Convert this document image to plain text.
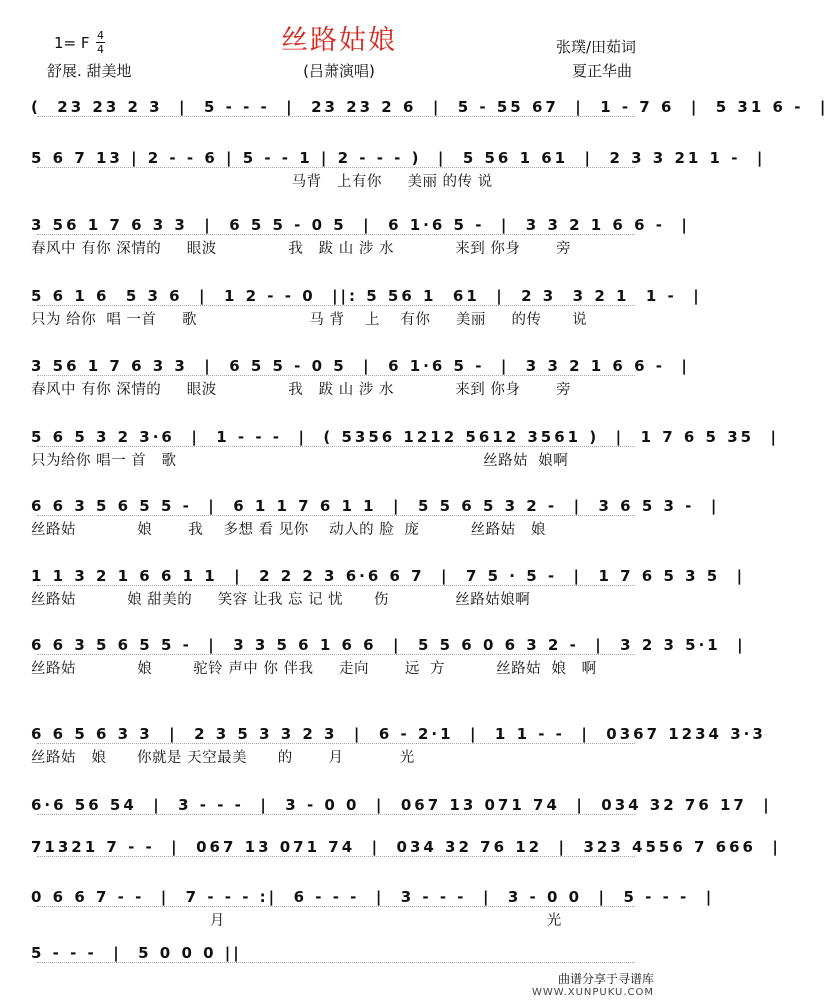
丝路姑娘
1= F 4
4
舒展. 甜美地	(吕萧演唱)
张璞/田茹词
夏正华曲
(  23 23 2 3  |  5 - - -  |  23 23 2 6  |  5 - 55 67  |  1 - 7 6  |  5 31 6 -  |
5 6 7 13 | 2 - - 6 | 5 - - 1 | 2 - - - )  |  5 56 1 61  |  2 3 3 21 1 -  |
马背   上有你     美丽 的传 说
3 56 1 7 6 3 3  |  6 5 5 - 0 5  |  6 1·6 5 -  |  3 3 2 1 6 6 -  |
春风中 有你 深情的     眼波              我   跋 山 涉 水            来到 你身       旁
5 6 1 6  5 3 6  |  1 2 - - 0  ||: 5 56 1  61  |  2 3  3 2 1  1 -  |
只为 给你  唱 一首     歌                      马 背    上    有你     美丽     的传      说
3 56 1 7 6 3 3  |  6 5 5 - 0 5  |  6 1·6 5 -  |  3 3 2 1 6 6 -  |
春风中 有你 深情的     眼波              我   跋 山 涉 水            来到 你身       旁
5 6 5 3 2 3·6  |  1 - - -  |  ( 5356 1212 5612 3561 )  |  1 7 6 5 35  |
只为给你 唱一 首   歌                                                            丝路姑  娘啊
6 6 3 5 6 5 5 -  |  6 1 1 7 6 1 1  |  5 5 6 5 3 2 -  |  3 6 5 3 -  |
丝路姑            娘       我    多想 看 见你    动人的 脸  庞          丝路姑   娘
1 1 3 2 1 6 6 1 1  |  2 2 2 3 6·6 6 7  |  7 5 · 5 -  |  1 7 6 5 3 5  |
丝路姑          娘 甜美的     笑容 让我 忘 记 忧      伤             丝路姑娘啊
6 6 3 5 6 5 5 -  |  3 3 5 6 1 6 6  |  5 5 6 0 6 3 2 -  |  3 2 3 5·1  |
丝路姑            娘        驼铃 声中 你 伴我     走向       远  方          丝路姑  娘   啊
6 6 5 6 3 3  |  2 3 5 3 3 2 3  |  6 - 2·1  |  1 1 - -  |  0367 1234 3·3
丝路姑   娘      你就是 天空最美      的       月           光
6·6 56 54  |  3 - - -  |  3 - 0 0  |  067 13 071 74  |  034 32 76 17  |
71321 7 - -  |  067 13 071 74  |  034 32 76 12  |  323 4556 7 666  |
0 6 6 7 - -  |  7 - - - :|  6 - - -  |  3 - - -  |  3 - 0 0  |  5 - - -  |
月                                                               光
5 - - -  |  5 0 0 0 ||
曲谱分享于寻谱库
WWW.XUNPUKU.COM
